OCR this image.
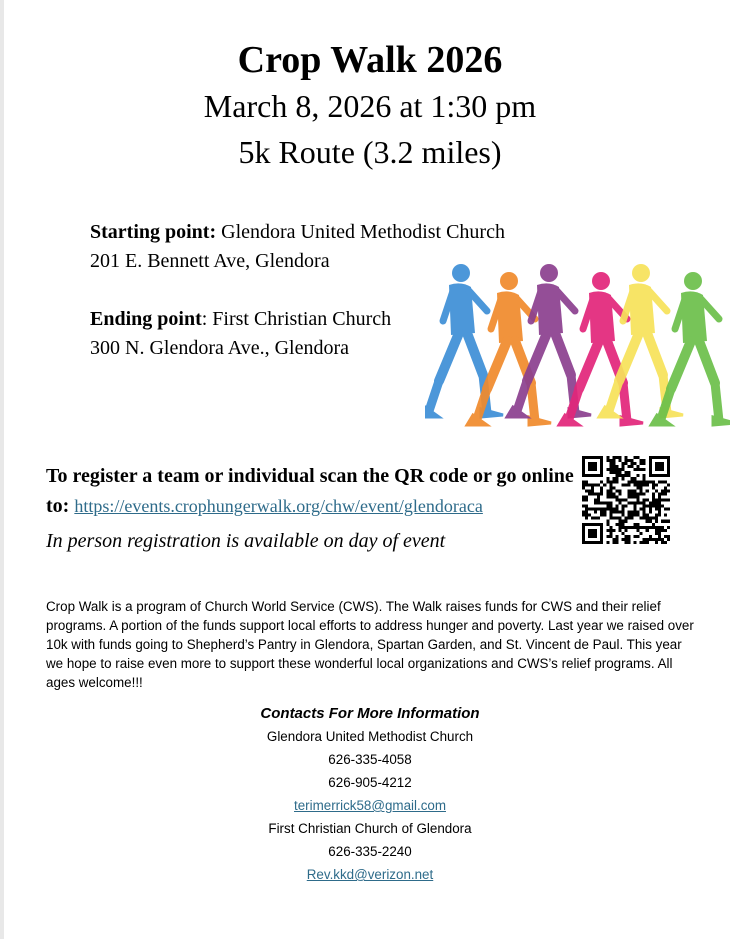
Crop Walk 2026
March 8, 2026 at 1:30 pm
5k Route (3.2 miles)
Starting point: Glendora United Methodist Church
201 E. Bennett Ave, Glendora
Ending point: First Christian Church
300 N. Glendora Ave., Glendora
To register a team or individual scan the QR code or go online to: https://events.crophungerwalk.org/chw/event/glendoraca
In person registration is available on day of event
Crop Walk is a program of Church World Service (CWS). The Walk raises funds for CWS and their relief programs. A portion of the funds support local efforts to address hunger and poverty. Last year we raised over 10k with funds going to Shepherd’s Pantry in Glendora, Spartan Garden, and St. Vincent de Paul. This year we hope to raise even more to support these wonderful local organizations and CWS’s relief programs. All ages welcome!!!
Contacts For More Information
Glendora United Methodist Church
626-335-4058
626-905-4212
terimerrick58@gmail.com
First Christian Church of Glendora
626-335-2240
Rev.kkd@verizon.net
